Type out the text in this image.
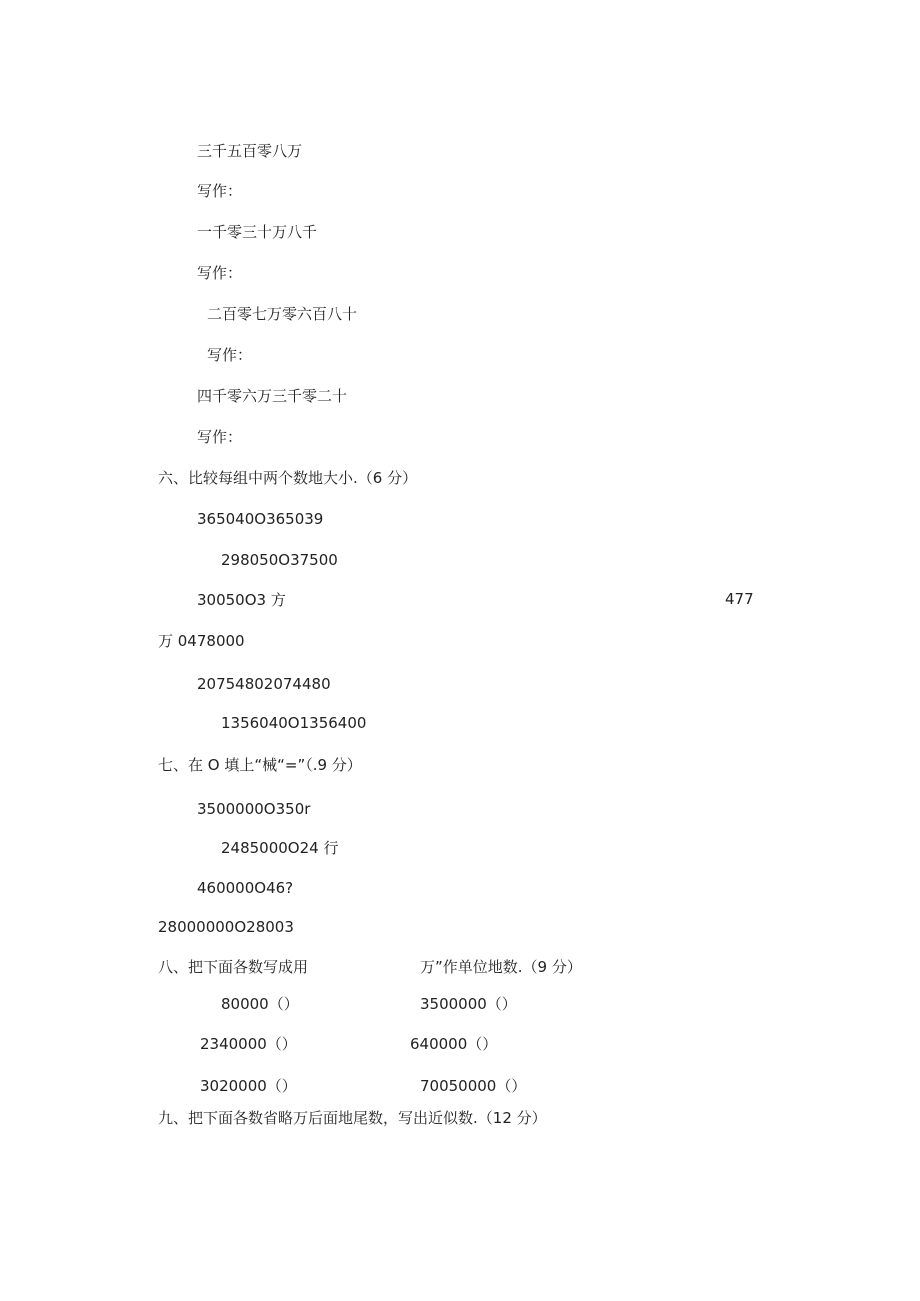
三千五百零八万
写作：
一千零三十万八千
写作：
二百零七万零六百八十
写作：
四千零六万三千零二十
写作：
六、比较每组中两个数地大小.（6 分）
365040O365039
298050O37500
30050O3 方	477
万 0478000
20754802074480
1356040O1356400
七、在 O 填上“械“=”（.9 分）
3500000O350r
2485000O24 行
460000O46?
28000000O28003
八、把下面各数写成用	万”作单位地数.（9 分）
80000（）	3500000（）
2340000（）	640000（）
3020000（）	70050000（）
九、把下面各数省略万后面地尾数，写出近似数.（12 分）
